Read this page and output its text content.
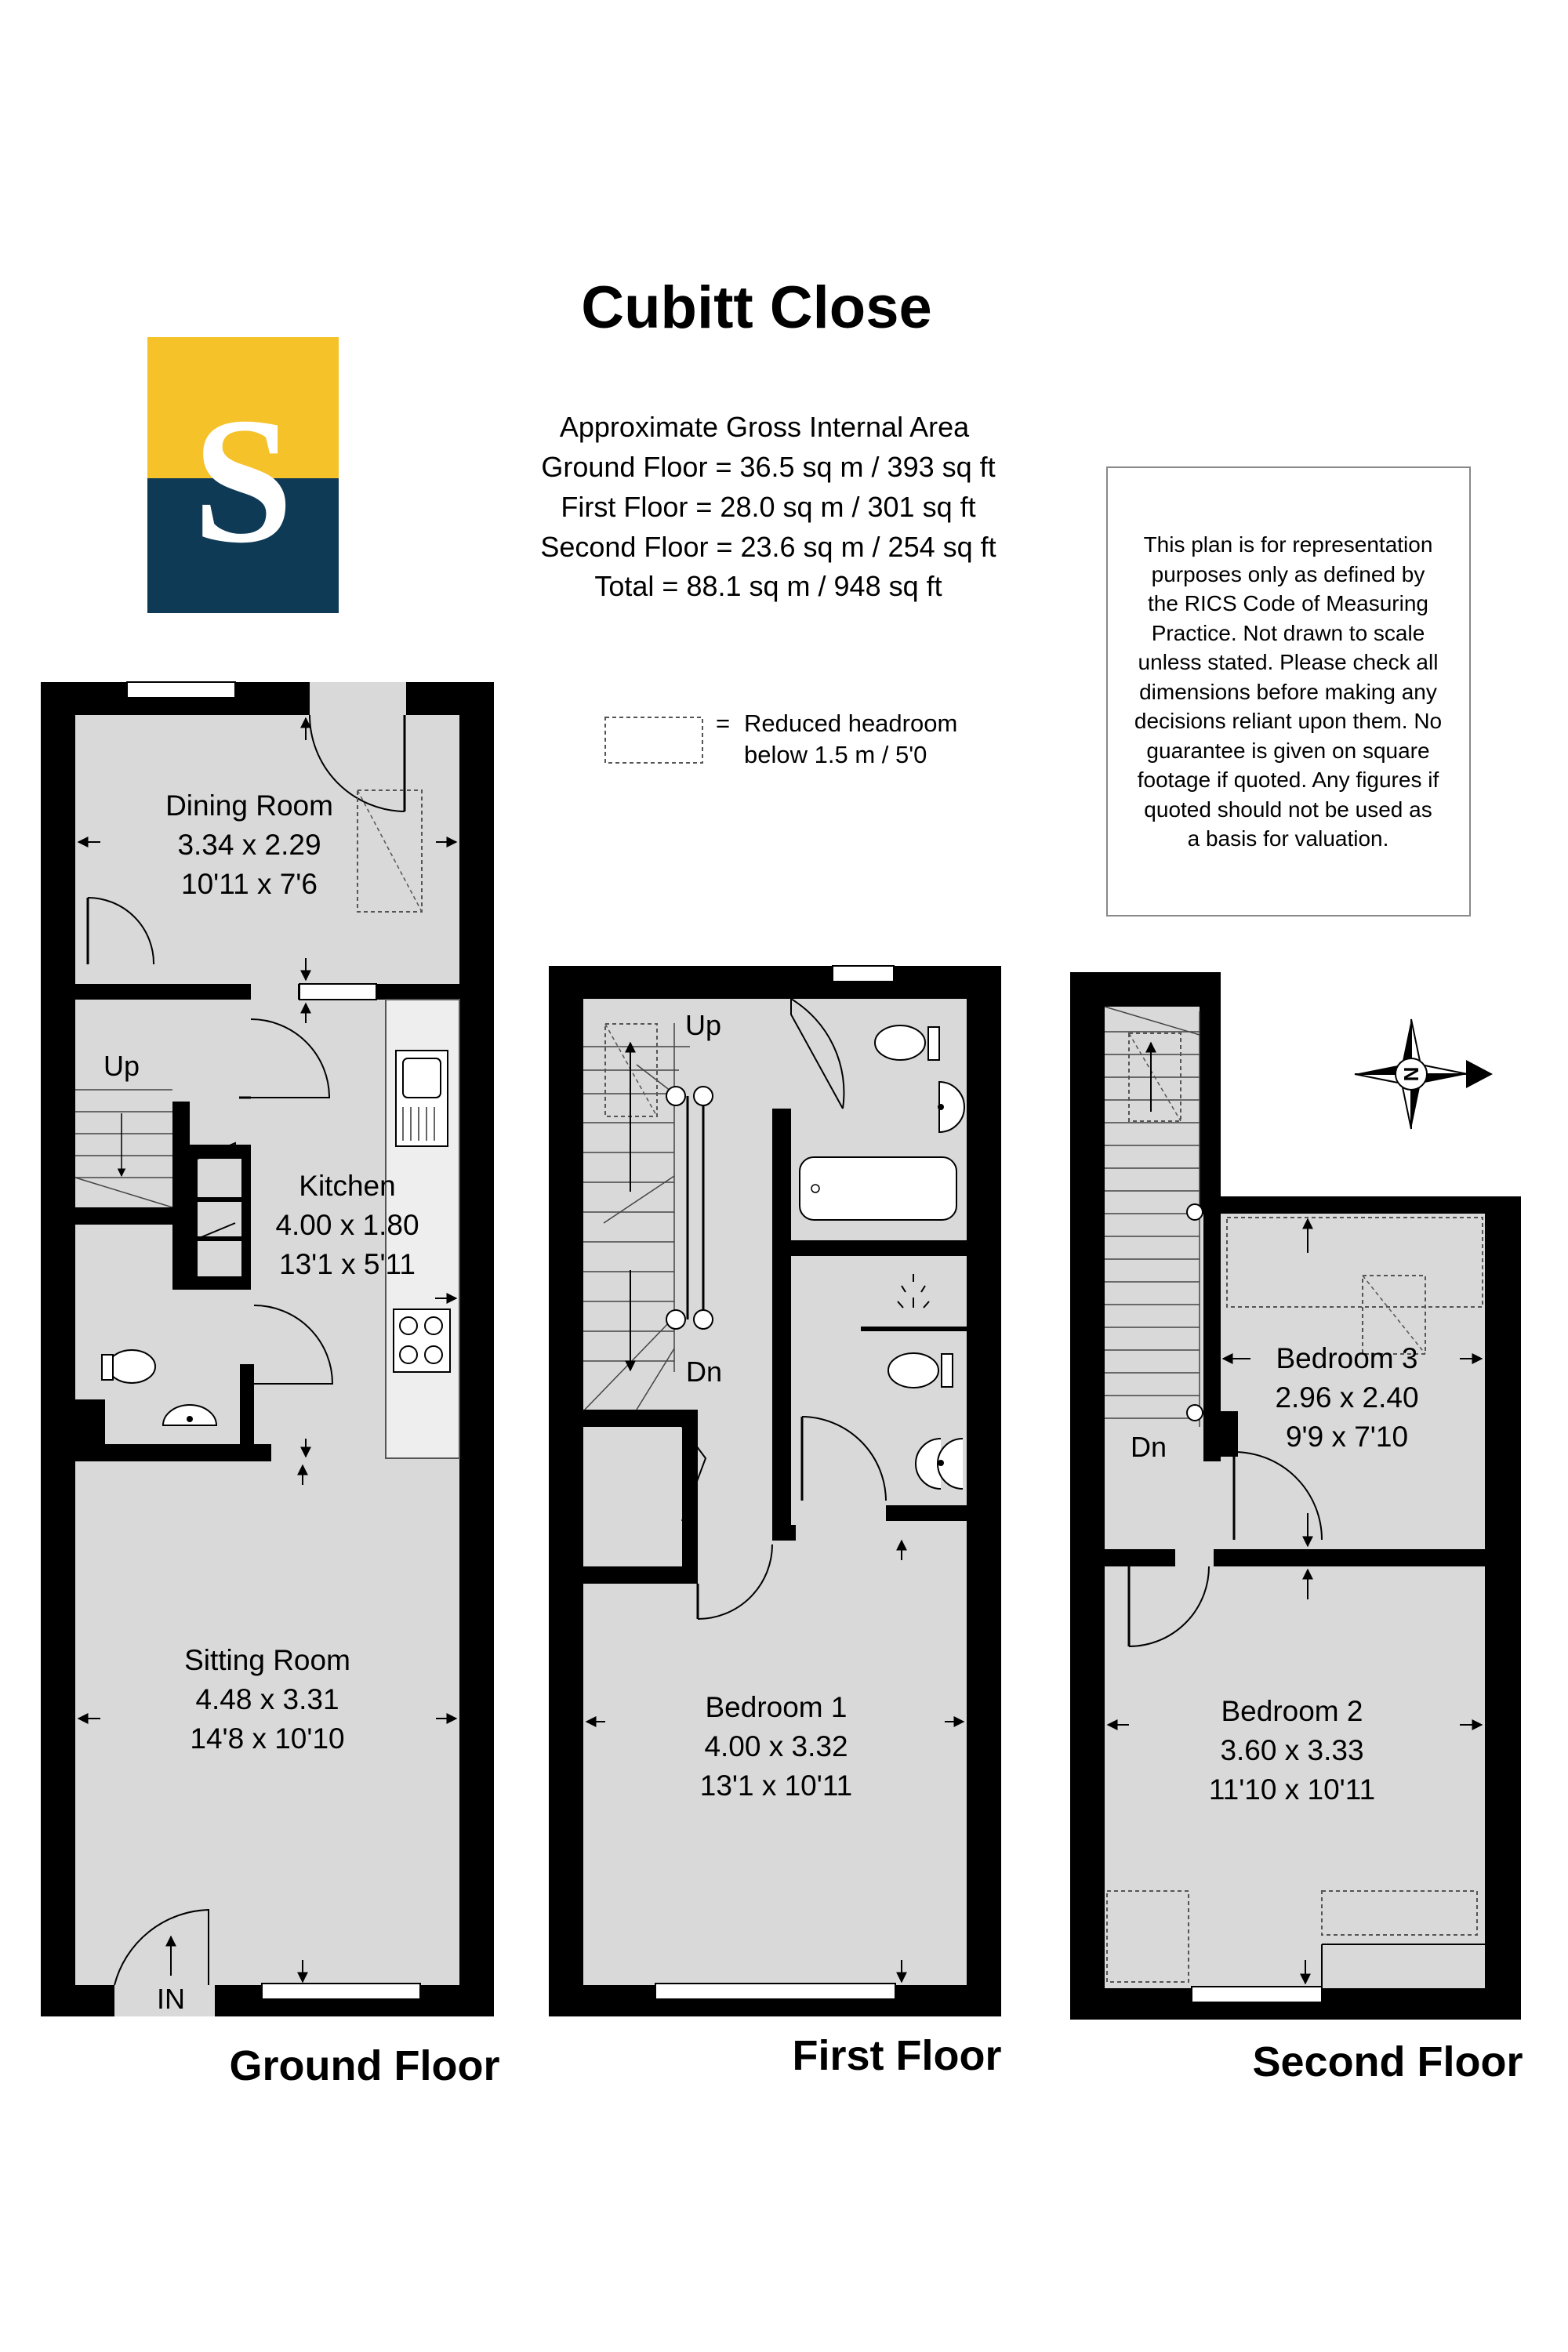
Cubitt Close
S	Approximate Gross Internal Area
Ground Floor = 36.5 sq m / 393 sq ft
First Floor = 28.0 sq m / 301 sq ft
Second Floor = 23.6 sq m / 254 sq ft
Total = 88.1 sq m / 948 sq ft
= Reduced headroom
below 1.5 m / 5'0
This plan is for representation
purposes only as defined by
the RICS Code of Measuring
Practice. Not drawn to scale
unless stated. Please check all
dimensions before making any
decisions reliant upon them. No
guarantee is given on square
footage if quoted. Any figures if
quoted should not be used as
a basis for valuation.
Up
IN
Dining Room
3.34 x 2.29
10'11 x 7'6
Kitchen
4.00 x 1.80
13'1 x 5'11
Sitting Room
4.48 x 3.31
14'8 x 10'10
Ground Floor
Up
Dn
Bedroom 1
4.00 x 3.32
13'1 x 10'11
First Floor
Dn
Bedroom 3
2.96 x 2.40
9'9 x 7'10
Bedroom 2
3.60 x 3.33
11'10 x 10'11
Second Floor
N
